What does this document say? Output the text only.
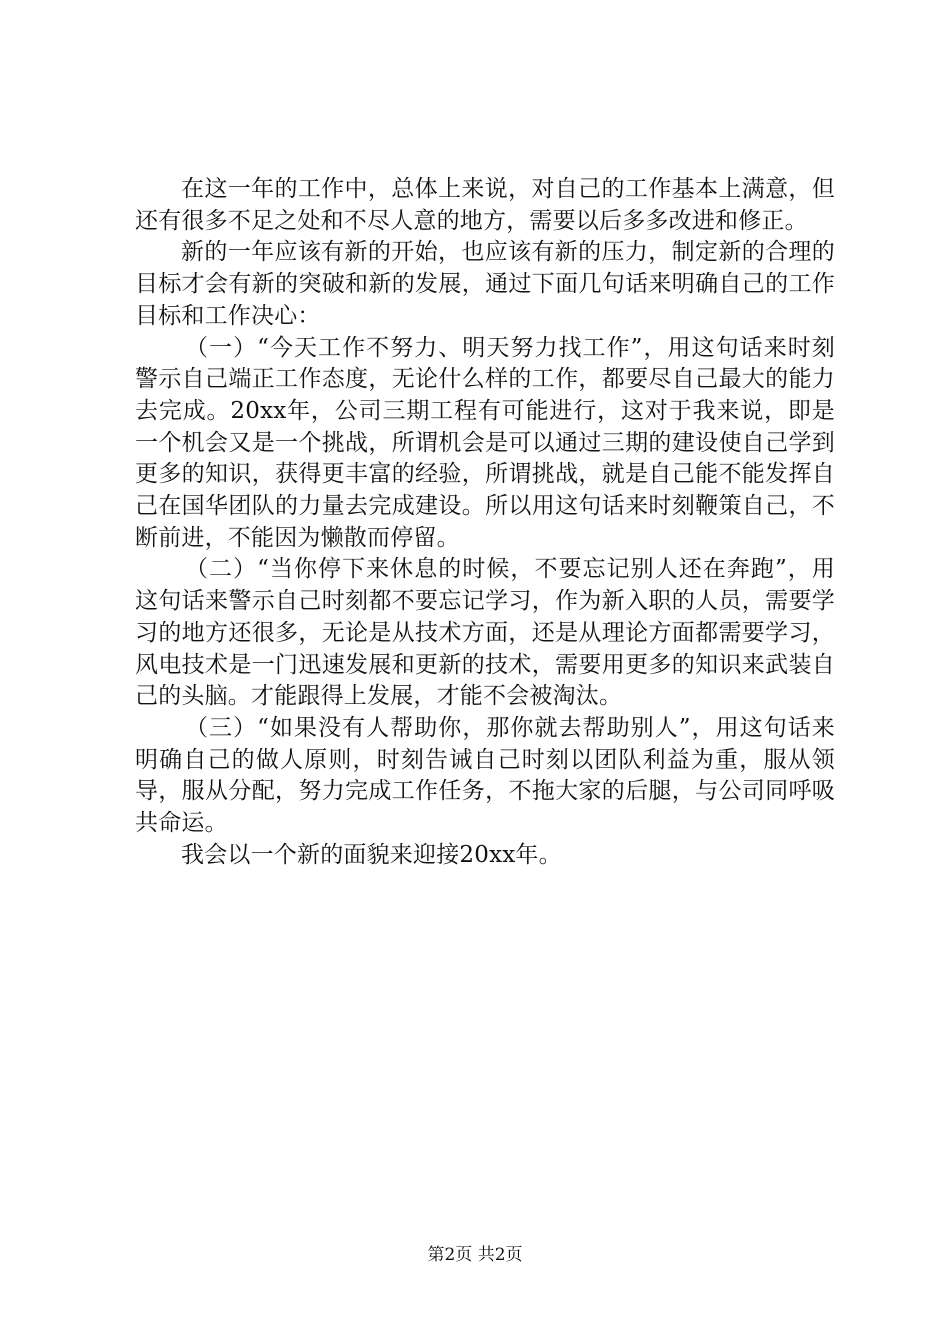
在这一年的工作中，总体上来说，对自己的工作基本上满意，但还有很多不足之处和不尽人意的地方，需要以后多多改进和修正。

新的一年应该有新的开始，也应该有新的压力，制定新的合理的目标才会有新的突破和新的发展，通过下面几句话来明确自己的工作目标和工作决心：

（一）“今天工作不努力、明天努力找工作”，用这句话来时刻警示自己端正工作态度，无论什么样的工作，都要尽自己最大的能力去完成。20xx年，公司三期工程有可能进行，这对于我来说，即是一个机会又是一个挑战，所谓机会是可以通过三期的建设使自己学到更多的知识，获得更丰富的经验，所谓挑战，就是自己能不能发挥自己在国华团队的力量去完成建设。所以用这句话来时刻鞭策自己，不断前进，不能因为懒散而停留。

（二）“当你停下来休息的时候，不要忘记别人还在奔跑”，用这句话来警示自己时刻都不要忘记学习，作为新入职的人员，需要学习的地方还很多，无论是从技术方面，还是从理论方面都需要学习，风电技术是一门迅速发展和更新的技术，需要用更多的知识来武装自己的头脑。才能跟得上发展，才能不会被淘汰。

（三）“如果没有人帮助你，那你就去帮助别人”，用这句话来明确自己的做人原则，时刻告诫自己时刻以团队利益为重，服从领导，服从分配，努力完成工作任务，不拖大家的后腿，与公司同呼吸共命运。

我会以一个新的面貌来迎接20xx年。

第2页 共2页
